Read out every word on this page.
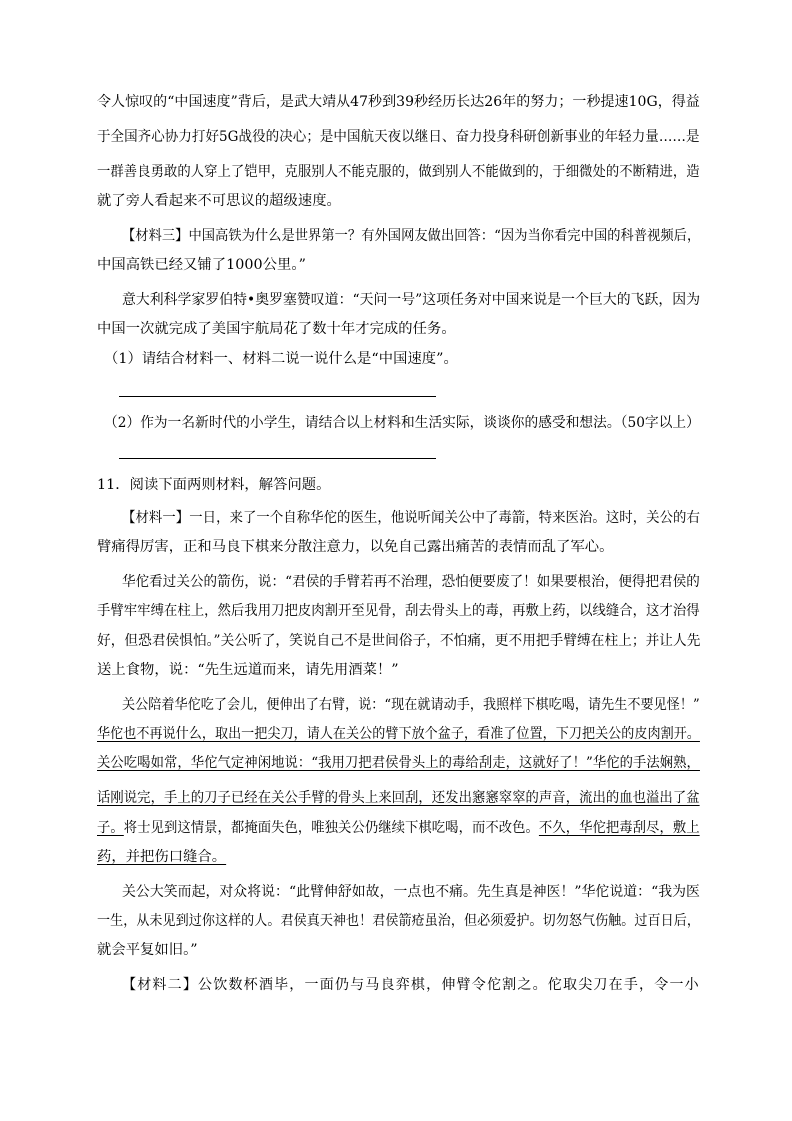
令人惊叹的“中国速度”背后，是武大靖从47秒到39秒经历长达26年的努力；一秒提速10G，得益
于全国齐心协力打好5G战役的决心；是中国航天夜以继日、奋力投身科研创新事业的年轻力量……是
一群善良勇敢的人穿上了铠甲，克服别人不能克服的，做到别人不能做到的，于细微处的不断精进，造
就了旁人看起来不可思议的超级速度。
【材料三】中国高铁为什么是世界第一？有外国网友做出回答：“因为当你看完中国的科普视频后，
中国高铁已经又铺了1000公里。”
意大利科学家罗伯特•奥罗塞赞叹道：“天问一号”这项任务对中国来说是一个巨大的飞跃，因为
中国一次就完成了美国宇航局花了数十年才完成的任务。
（1）请结合材料一、材料二说一说什么是“中国速度”。
（2）作为一名新时代的小学生，请结合以上材料和生活实际，谈谈你的感受和想法。（50字以上）
11．阅读下面两则材料，解答问题。
【材料一】一日，来了一个自称华佗的医生，他说听闻关公中了毒箭，特来医治。这时，关公的右
臂痛得厉害，正和马良下棋来分散注意力，以免自己露出痛苦的表情而乱了军心。
华佗看过关公的箭伤，说：“君侯的手臂若再不治理，恐怕便要废了！如果要根治，便得把君侯的
手臂牢牢缚在柱上，然后我用刀把皮肉割开至见骨，刮去骨头上的毒，再敷上药，以线缝合，这才治得
好，但恐君侯惧怕。”关公听了，笑说自己不是世间俗子，不怕痛，更不用把手臂缚在柱上；并让人先
送上食物，说：“先生远道而来，请先用酒菜！”
关公陪着华佗吃了会儿，便伸出了右臂，说：“现在就请动手，我照样下棋吃喝，请先生不要见怪！”
华佗也不再说什么，取出一把尖刀，请人在关公的臂下放个盆子，看准了位置，下刀把关公的皮肉割开。
关公吃喝如常，华佗气定神闲地说：“我用刀把君侯骨头上的毒给刮走，这就好了！”华佗的手法娴熟，
话刚说完，手上的刀子已经在关公手臂的骨头上来回刮，还发出窸窸窣窣的声音，流出的血也溢出了盆
子。将士见到这情景，都掩面失色，唯独关公仍继续下棋吃喝，而不改色。不久，华佗把毒刮尽，敷上
药，并把伤口缝合。
关公大笑而起，对众将说：“此臂伸舒如故，一点也不痛。先生真是神医！”华佗说道：“我为医
一生，从未见到过你这样的人。君侯真天神也！君侯箭疮虽治，但必须爱护。切勿怒气伤触。过百日后，
就会平复如旧。”
【材料二】公饮数杯酒毕，一面仍与马良弈棋，伸臂令佗割之。佗取尖刀在手，令一小
